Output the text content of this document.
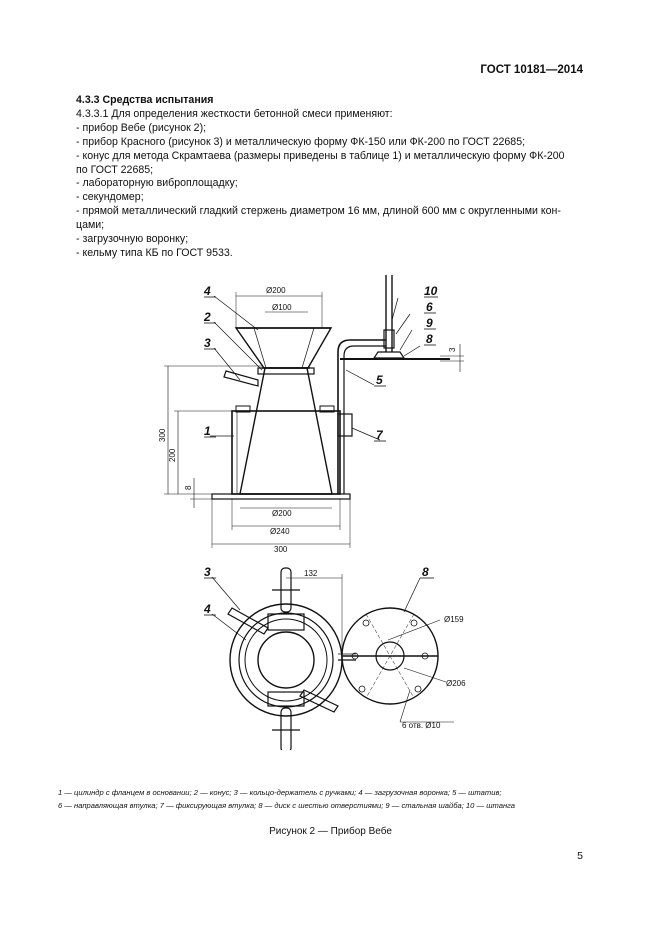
ГОСТ 10181—2014

4.3.3 Средства испытания

4.3.3.1 Для определения жесткости бетонной смеси применяют:

- прибор Вебе (рисунок 2);

- прибор Красного (рисунок 3) и металлическую форму ФК-150 или ФК-200 по ГОСТ 22685;

- конус для метода Скрамтаева (размеры приведены в таблице 1) и металлическую форму ФК-200

по ГОСТ 22685;

- лабораторную виброплощадку;

- секундомер;

- прямой металлический гладкий стержень диаметром 16 мм, длиной 600 мм с округленными кон-

цами;

- загрузочную воронку;

- кельму типа КБ по ГОСТ 9533.

4
2
3
1
10
6
9
8
5
7
3
4
8
Ø200
Ø100
3
300
200
8
Ø200
Ø240
300
132
Ø159
Ø206
6 отв. Ø10
1 — цилиндр с фланцем в основании; 2 — конус; 3 — кольцо-держатель с ручками; 4 — загрузочная воронка; 5 — штатив;
6 — направляющая втулка; 7 — фиксирующая втулка; 8 — диск с шестью отверстиями; 9 — стальная шайба; 10 — штанга
Рисунок 2 — Прибор Вебе
5
